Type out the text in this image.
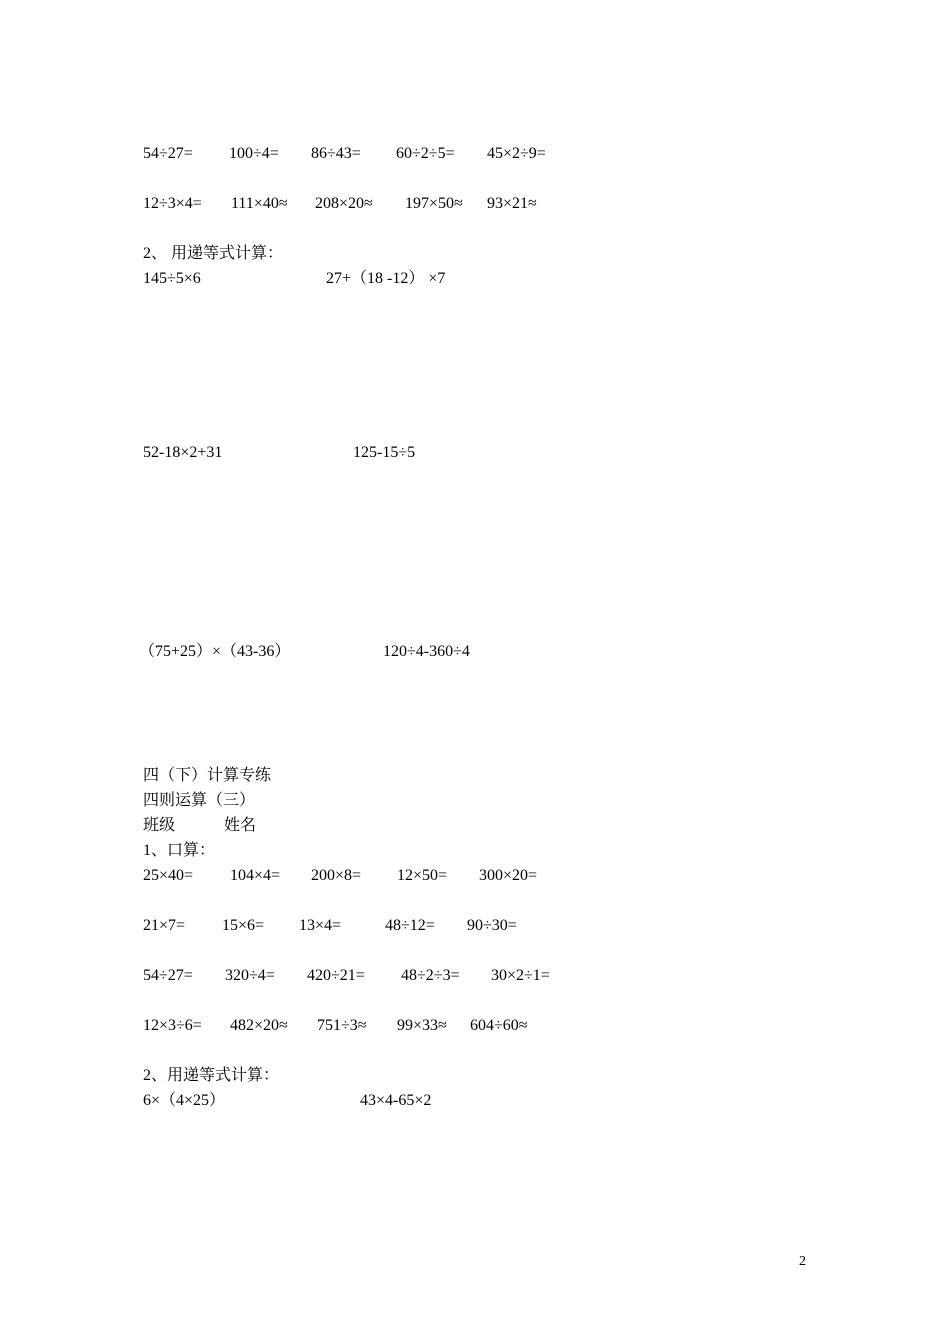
54÷27= 100÷4= 86÷43= 60÷2÷5= 45×2÷9=
12÷3×4= 111×40≈ 208×20≈ 197×50≈ 93×21≈
2、 用递等式计算：
145÷5×6	27+（18 -12） ×7
52-18×2+31	125-15÷5
（75+25）×（43-36）	120÷4-360÷4
四（下）计算专练
四则运算（三）
班级	姓名
1、口算：
25×40= 104×4= 200×8= 12×50= 300×20=
21×7= 15×6= 13×4=	48÷12= 90÷30=
54÷27= 320÷4= 420÷21= 48÷2÷3= 30×2÷1=
12×3÷6= 482×20≈ 751÷3≈ 99×33≈ 604÷60≈
2、用递等式计算：
6×（4×25）	43×4-65×2
2
